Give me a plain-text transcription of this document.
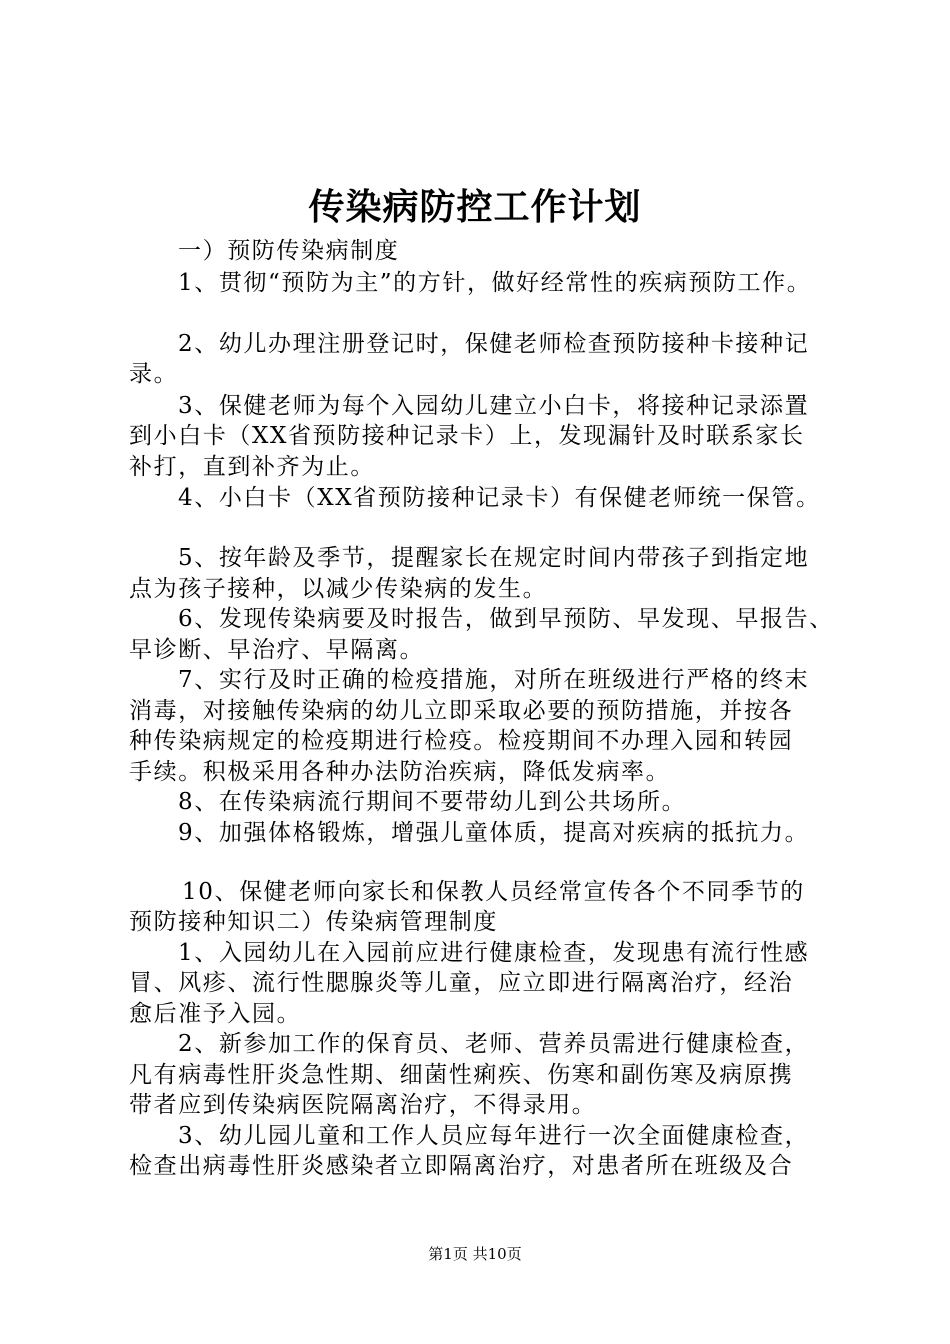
传染病防控工作计划
一）预防传染病制度
1、贯彻“预防为主”的方针，做好经常性的疾病预防工作。
2、幼儿办理注册登记时，保健老师检查预防接种卡接种记
录。
3、保健老师为每个入园幼儿建立小白卡，将接种记录添置
到小白卡（XX省预防接种记录卡）上，发现漏针及时联系家长
补打，直到补齐为止。
4、小白卡（XX省预防接种记录卡）有保健老师统一保管。
5、按年龄及季节，提醒家长在规定时间内带孩子到指定地
点为孩子接种，以减少传染病的发生。
6、发现传染病要及时报告，做到早预防、早发现、早报告、
早诊断、早治疗、早隔离。
7、实行及时正确的检疫措施，对所在班级进行严格的终末
消毒，对接触传染病的幼儿立即采取必要的预防措施，并按各
种传染病规定的检疫期进行检疫。检疫期间不办理入园和转园
手续。积极采用各种办法防治疾病，降低发病率。
8、在传染病流行期间不要带幼儿到公共场所。
9、加强体格锻炼，增强儿童体质，提高对疾病的抵抗力。
10、保健老师向家长和保教人员经常宣传各个不同季节的
预防接种知识二）传染病管理制度
1、入园幼儿在入园前应进行健康检查，发现患有流行性感
冒、风疹、流行性腮腺炎等儿童，应立即进行隔离治疗，经治
愈后准予入园。
2、新参加工作的保育员、老师、营养员需进行健康检查，
凡有病毒性肝炎急性期、细菌性痢疾、伤寒和副伤寒及病原携
带者应到传染病医院隔离治疗，不得录用。
3、幼儿园儿童和工作人员应每年进行一次全面健康检查，
检查出病毒性肝炎感染者立即隔离治疗，对患者所在班级及合
第1页 共10页
